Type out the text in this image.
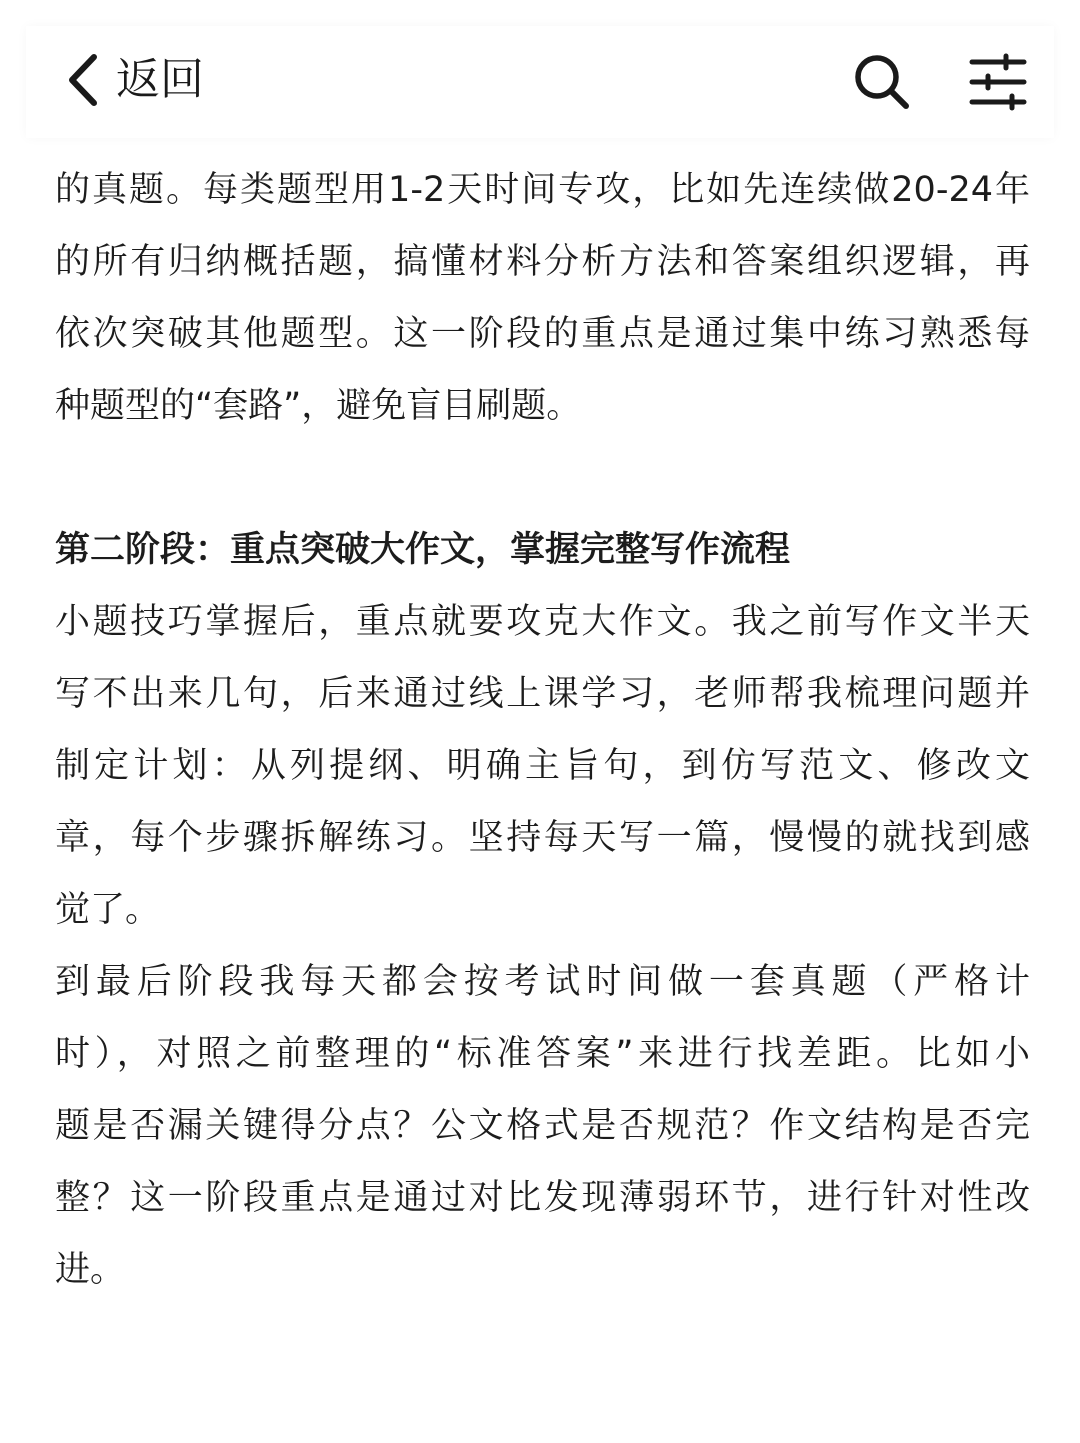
返回
的真题。每类题型用1-2天时间专攻，比如先连续做20-24年
的所有归纳概括题，搞懂材料分析方法和答案组织逻辑，再
依次突破其他题型。这一阶段的重点是通过集中练习熟悉每
种题型的“套路”，避免盲目刷题。
第二阶段：重点突破大作文，掌握完整写作流程
小题技巧掌握后，重点就要攻克大作文。我之前写作文半天
写不出来几句，后来通过线上课学习，老师帮我梳理问题并
制定计划：从列提纲、明确主旨句，到仿写范文、修改文
章，每个步骤拆解练习。坚持每天写一篇，慢慢的就找到感
觉了。
到最后阶段我每天都会按考试时间做一套真题（严格计
时），对照之前整理的“标准答案”来进行找差距。比如小
题是否漏关键得分点？公文格式是否规范？作文结构是否完
整？这一阶段重点是通过对比发现薄弱环节，进行针对性改
进。
